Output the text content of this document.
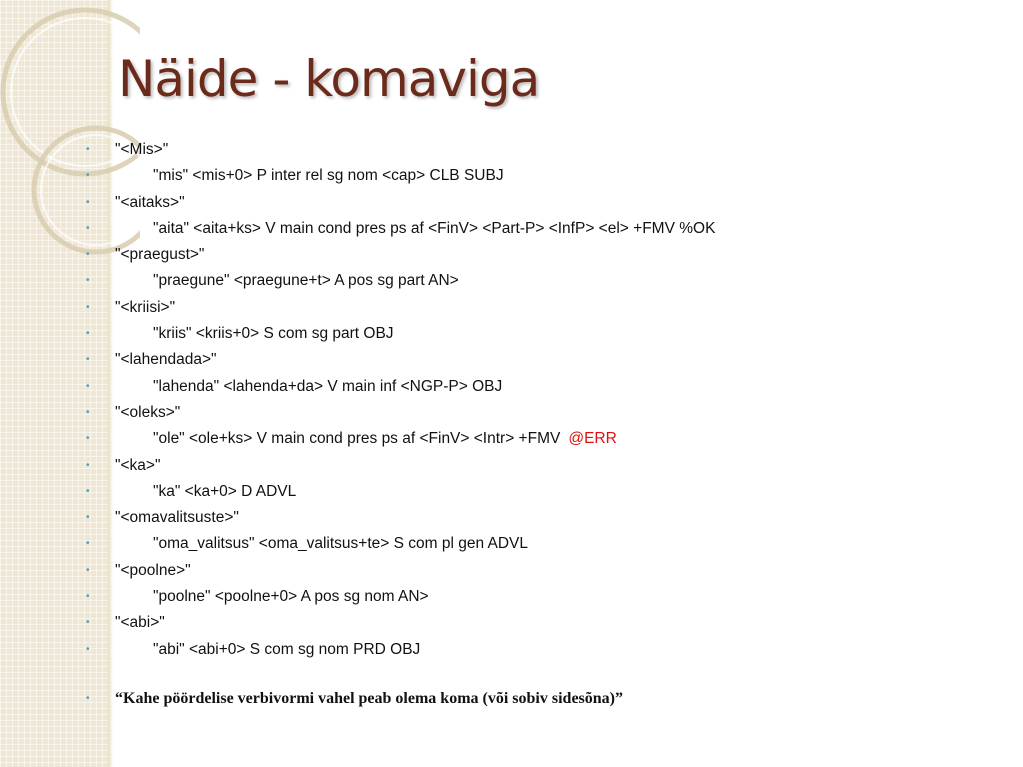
Näide - komaviga
• "<Mis>"
•	"mis" <mis+0> P inter rel sg nom <cap> CLB SUBJ
• "<aitaks>"
•	"aita" <aita+ks> V main cond pres ps af <FinV> <Part-P> <InfP> <el> +FMV %OK
• "<praegust>"
•	"praegune" <praegune+t> A pos sg part AN>
• "<kriisi>"
•	"kriis" <kriis+0> S com sg part OBJ
• "<lahendada>"
•	"lahenda" <lahenda+da> V main inf <NGP-P> OBJ
• "<oleks>"
•	"ole" <ole+ks> V main cond pres ps af <FinV> <Intr> +FMV @ERR
• "<ka>"
•	"ka" <ka+0> D ADVL
• "<omavalitsuste>"
•	"oma_valitsus" <oma_valitsus+te> S com pl gen ADVL
• "<poolne>"
•	"poolne" <poolne+0> A pos sg nom AN>
• "<abi>"
•	"abi" <abi+0> S com sg nom PRD OBJ
• “Kahe pöördelise verbivormi vahel peab olema koma (või sobiv sidesõna)”
